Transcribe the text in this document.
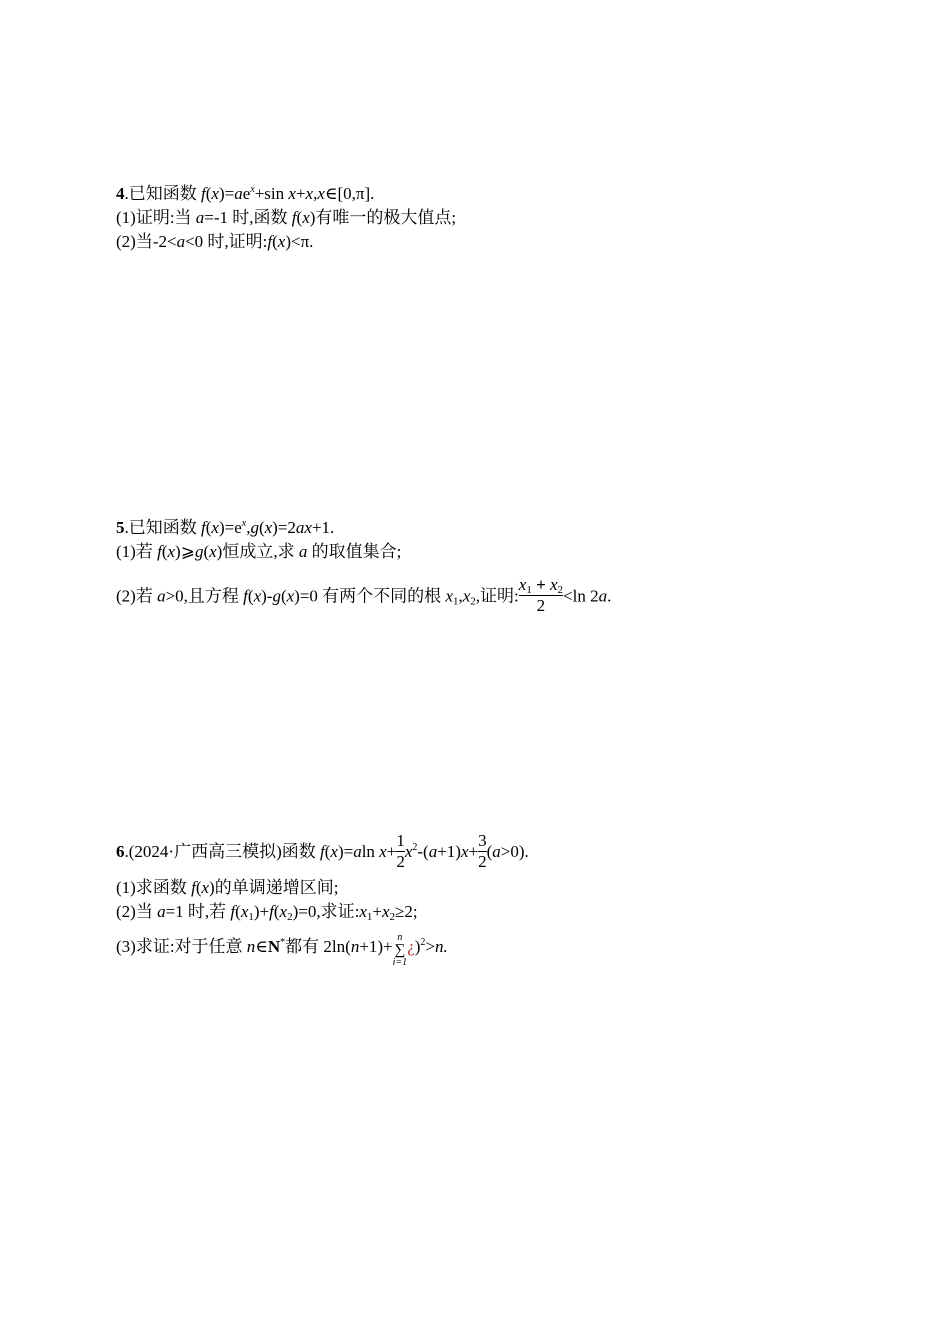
4.已知函数 $f(x)=ae^x+\sin$ x+x,x∈[0,π].
(1)证明:当 a=-1 时,函数 f(x)有唯一的极大值点;
(2)当-2<a<0 时,证明:f(x)<π.
5.已知函数 $f(x)=e^x,g(x)=2ax+1$.
(1)若 f(x)⩾g(x)恒成立,求 a 的取值集合;
(2)若 a>0,且方程 f(x)-g(x)=0 有两个不同的根 $x_1,x_2$,证明: $\frac{x_1 + x_2}{2} <\ln$ 2a.
6.(2024·广西高三模拟)函数 f(x)=aln $x+ \frac{1}{2} x^2-(a+1)x+ \frac{3}{2} (a>0)$.
(1)求函数 f(x)的单调递增区间;
(2)当 a=1 时,若 $f(x_1)+f(x_2)=0$,求证$:x_1+x_2\ge 2$;
(3)求证:对于任意 n∈N*都有 2ln(n+1)+ n
∑
i=1
¿)$^2$>n.
